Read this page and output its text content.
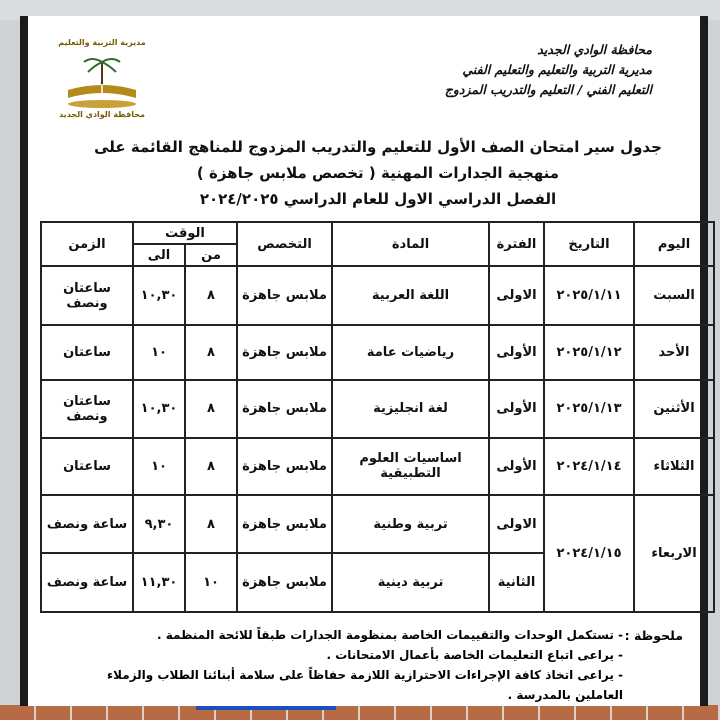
مديرية التربية والتعليم
محافظة الوادي الجديد
محافظة الوادي الجديد
مديرية التربية والتعليم والتعليم الفني
التعليم الفني / التعليم والتدريب المزدوج
جدول سير امتحان الصف الأول للتعليم والتدريب المزدوج للمناهج القائمة على
منهجية الجدارات المهنية ( تخصص ملابس جاهزة )
الفصل الدراسي الاول للعام الدراسي ٢٠٢٤/٢٠٢٥
اليوم	التاريخ	الفترة	المادة	التخصص	الوقت		الزمن
					من	الى	
السبت	٢٠٢٥/١/١١	الاولى	اللغة العربية	ملابس جاهزة	٨	١٠,٣٠	ساعتان ونصف
الأحد	٢٠٢٥/١/١٢	الأولى	رياضيات عامة	ملابس جاهزة	٨	١٠	ساعتان
الأثنين	٢٠٢٥/١/١٣	الأولى	لغة انجليزية	ملابس جاهزة	٨	١٠,٣٠	ساعتان ونصف
الثلاثاء	٢٠٢٤/١/١٤	الأولى	اساسيات العلوم التطبيقية	ملابس جاهزة	٨	١٠	ساعتان
الاربعاء	٢٠٢٤/١/١٥	الاولى	تربية وطنية	ملابس جاهزة	٨	٩,٣٠	ساعة ونصف
		الثانية	تربية دينية	ملابس جاهزة	١٠	١١,٣٠	ساعة ونصف
ملحوظة :
- تستكمل الوحدات والتقييمات الخاصة بمنظومة الجدارات طبقاً للائحة المنظمة .
- يراعى اتباع التعليمات الخاصة بأعمال الامتحانات .
- يراعى اتخاذ كافة الإجراءات الاحترازية اللازمة حفاظاً على سلامة أبنائنا الطلاب والزملاء
العاملين بالمدرسة .
